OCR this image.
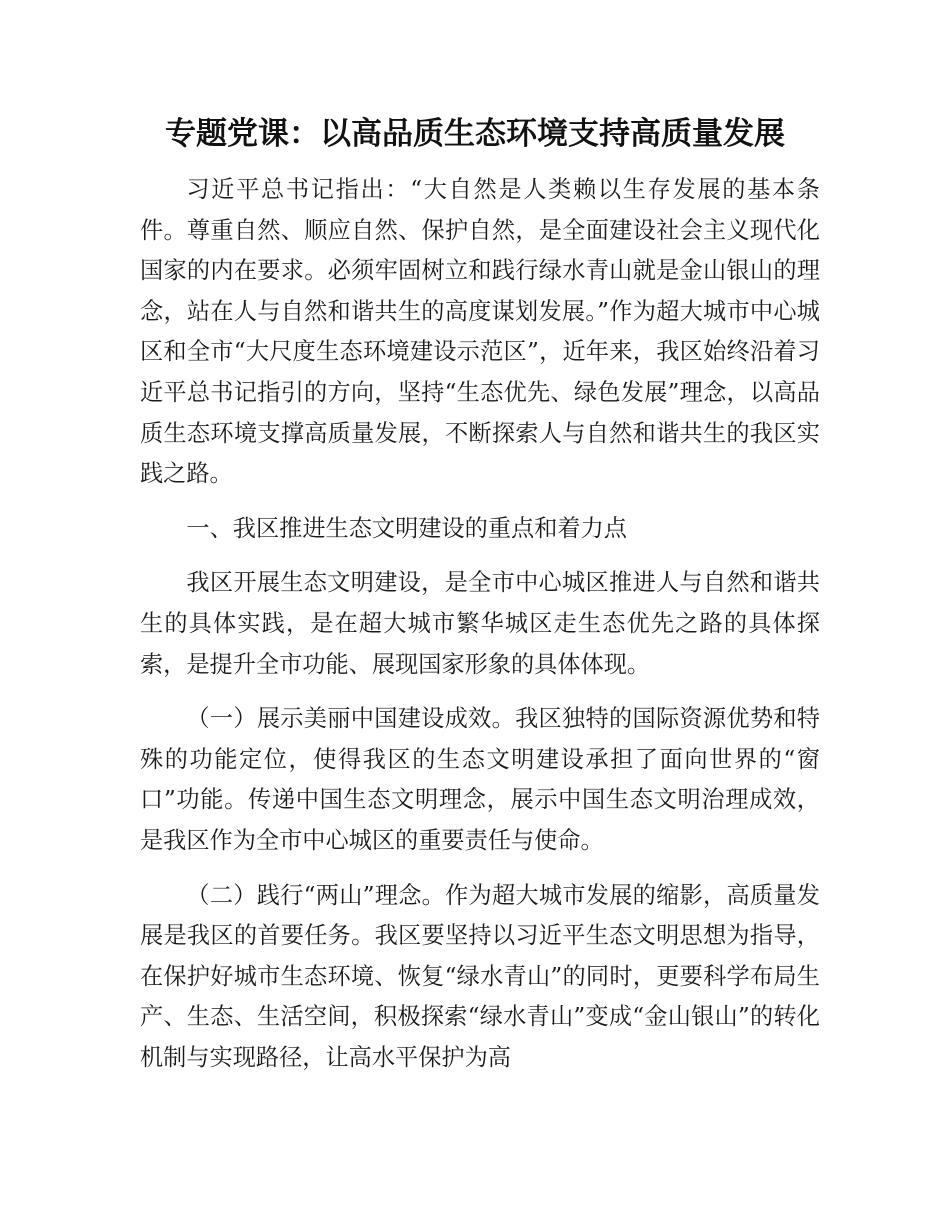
专题党课：以高品质生态环境支持高质量发展

习近平总书记指出：“大自然是人类赖以生存发展的基本条件。尊重自然、顺应自然、保护自然，是全面建设社会主义现代化国家的内在要求。必须牢固树立和践行绿水青山就是金山银山的理念，站在人与自然和谐共生的高度谋划发展。”作为超大城市中心城区和全市“大尺度生态环境建设示范区”，近年来，我区始终沿着习近平总书记指引的方向，坚持“生态优先、绿色发展”理念，以高品质生态环境支撑高质量发展，不断探索人与自然和谐共生的我区实践之路。

一、我区推进生态文明建设的重点和着力点

我区开展生态文明建设，是全市中心城区推进人与自然和谐共生的具体实践，是在超大城市繁华城区走生态优先之路的具体探索，是提升全市功能、展现国家形象的具体体现。

（一）展示美丽中国建设成效。我区独特的国际资源优势和特殊的功能定位，使得我区的生态文明建设承担了面向世界的“窗口”功能。传递中国生态文明理念，展示中国生态文明治理成效，是我区作为全市中心城区的重要责任与使命。

（二）践行“两山”理念。作为超大城市发展的缩影，高质量发展是我区的首要任务。我区要坚持以习近平生态文明思想为指导，在保护好城市生态环境、恢复“绿水青山”的同时，更要科学布局生产、生态、生活空间，积极探索“绿水青山”变成“金山银山”的转化机制与实现路径，让高水平保护为高
